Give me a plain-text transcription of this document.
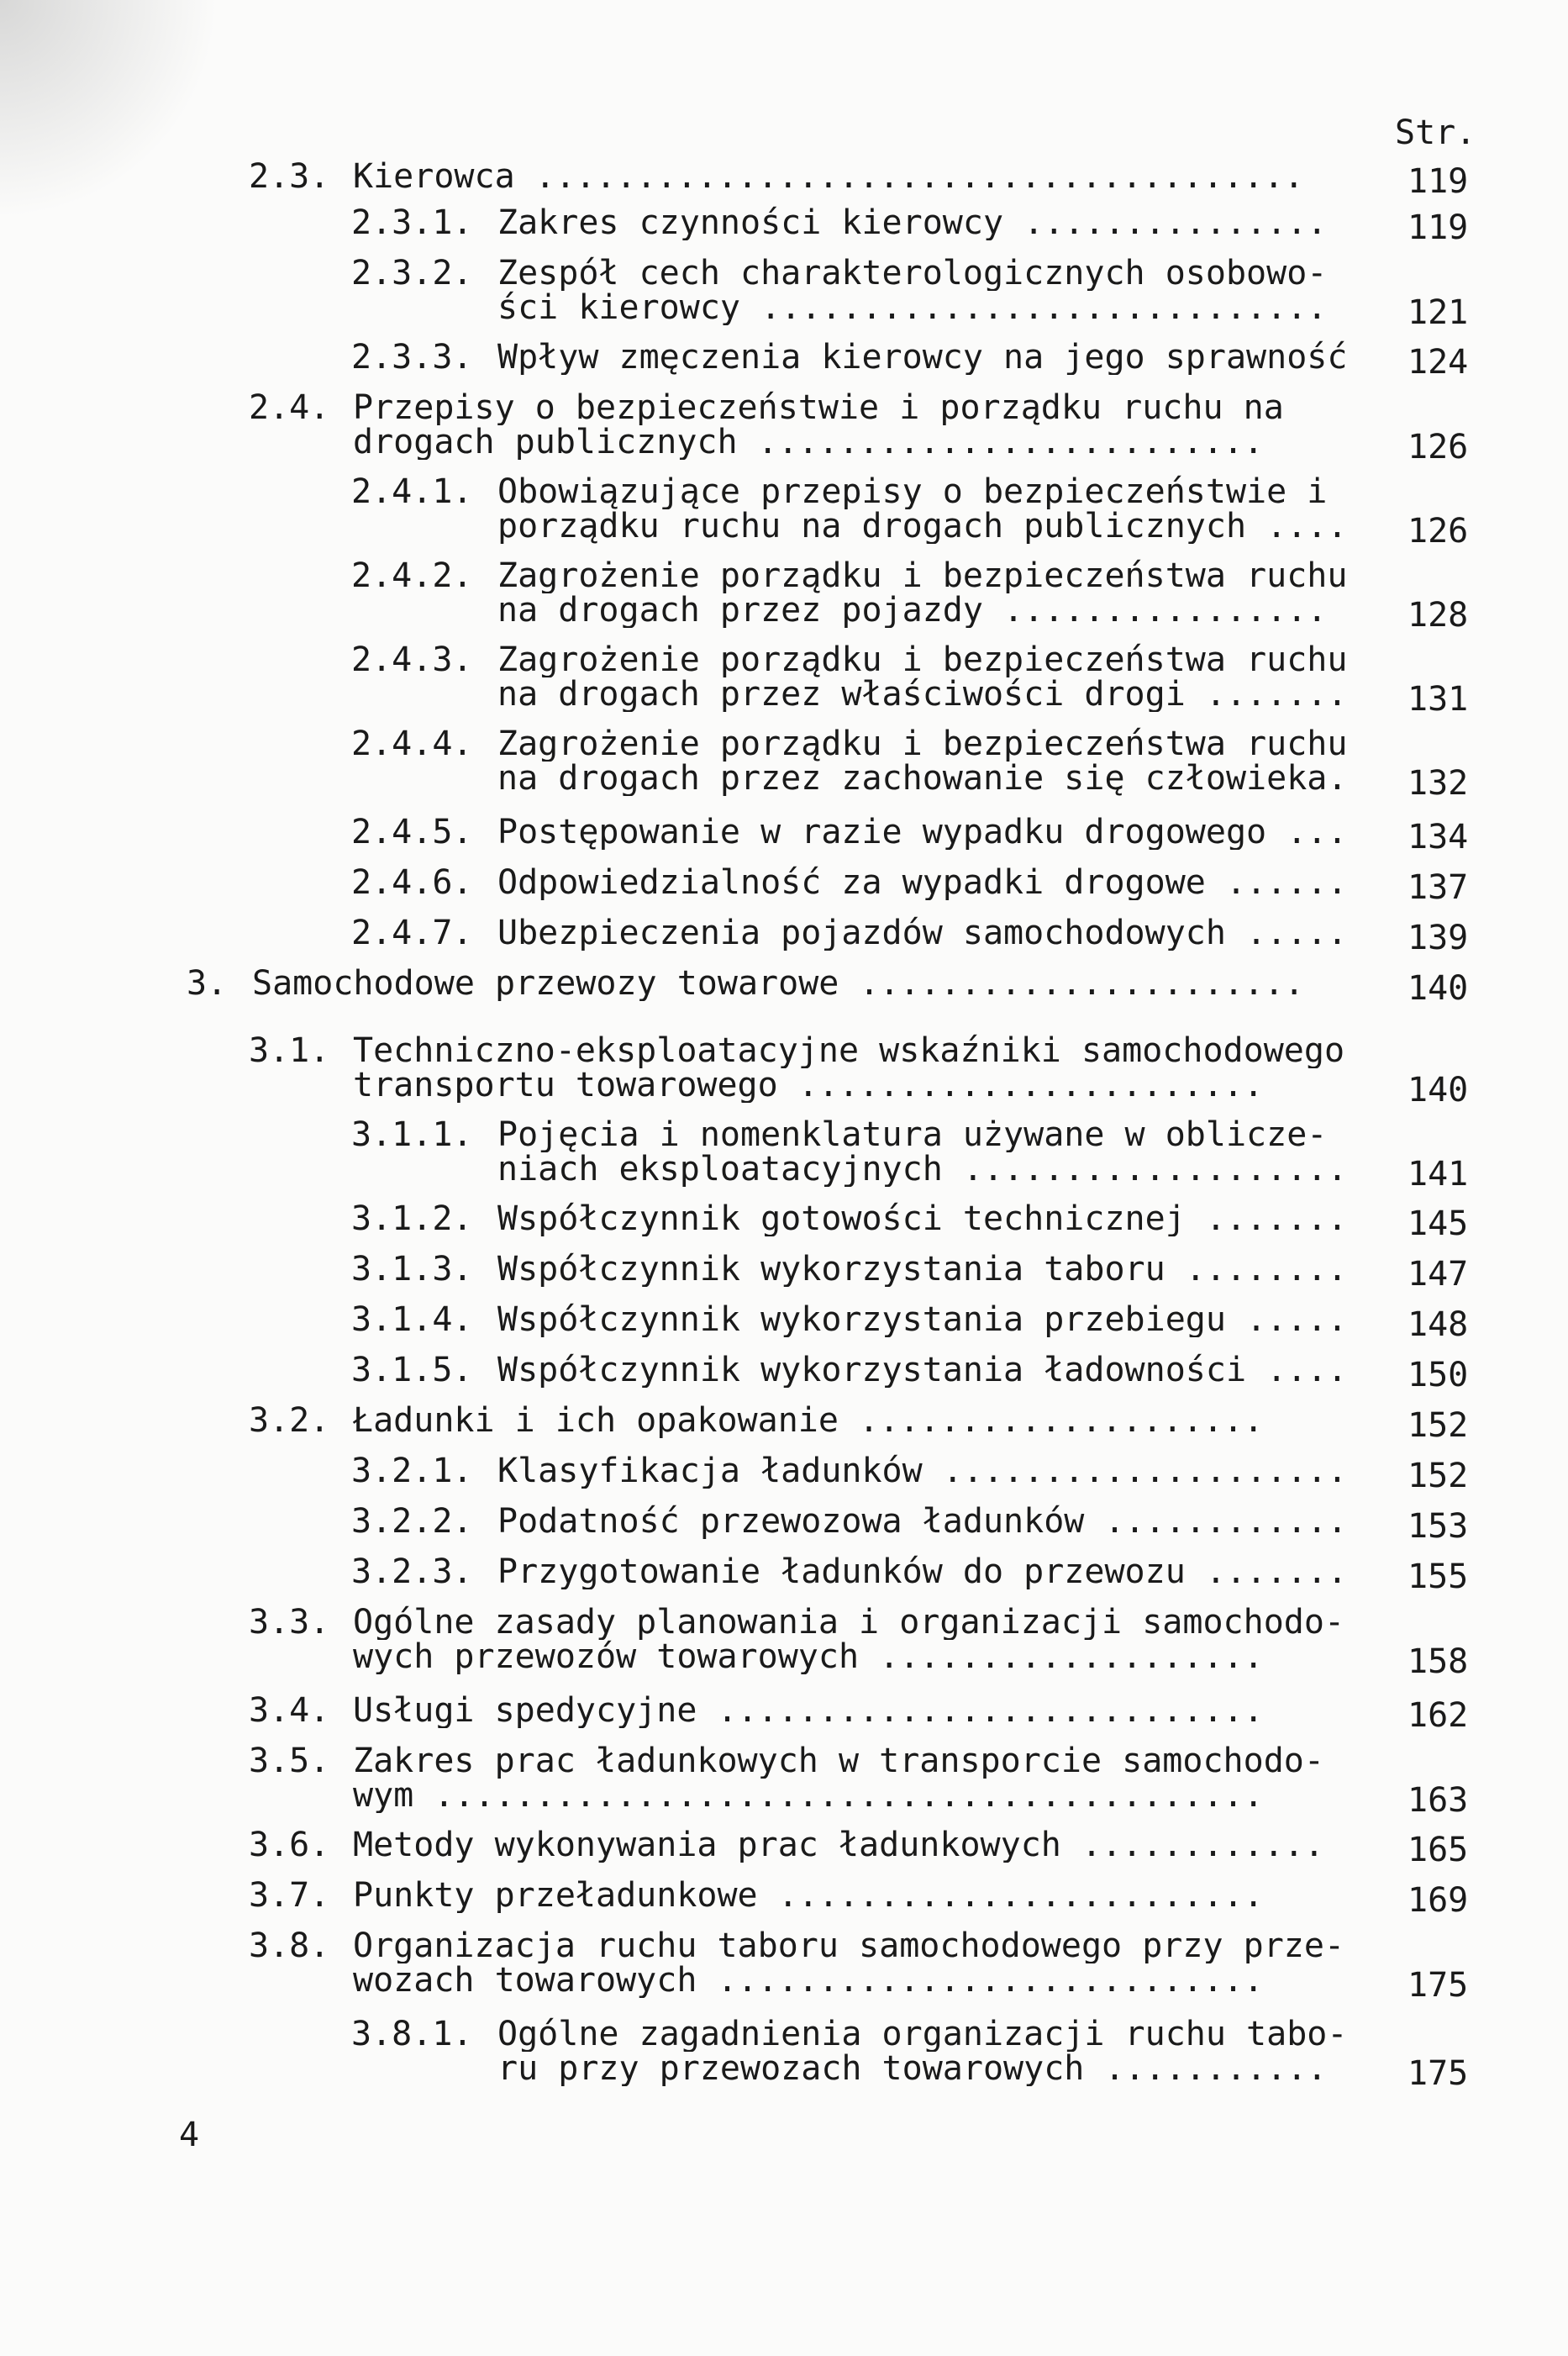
Str.
2.3. Kierowca ......................................	119
2.3.1. Zakres czynności kierowcy ...............	119
2.3.2. Zespół cech charakterologicznych osobowo-
ści kierowcy ............................	121
2.3.3. Wpływ zmęczenia kierowcy na jego sprawność	124
2.4. Przepisy o bezpieczeństwie i porządku ruchu na
drogach publicznych .........................	126
2.4.1. Obowiązujące przepisy o bezpieczeństwie i
porządku ruchu na drogach publicznych ....	126
2.4.2. Zagrożenie porządku i bezpieczeństwa ruchu
na drogach przez pojazdy ................	128
2.4.3. Zagrożenie porządku i bezpieczeństwa ruchu
na drogach przez właściwości drogi .......	131
2.4.4. Zagrożenie porządku i bezpieczeństwa ruchu
na drogach przez zachowanie się człowieka.	132
2.4.5. Postępowanie w razie wypadku drogowego ...	134
2.4.6. Odpowiedzialność za wypadki drogowe ......	137
2.4.7. Ubezpieczenia pojazdów samochodowych .....	139
3. Samochodowe przewozy towarowe ......................	140
3.1. Techniczno-eksploatacyjne wskaźniki samochodowego
transportu towarowego .......................	140
3.1.1. Pojęcia i nomenklatura używane w oblicze-
niach eksploatacyjnych ...................	141
3.1.2. Współczynnik gotowości technicznej .......	145
3.1.3. Współczynnik wykorzystania taboru ........	147
3.1.4. Współczynnik wykorzystania przebiegu .....	148
3.1.5. Współczynnik wykorzystania ładowności ....	150
3.2. Ładunki i ich opakowanie ....................	152
3.2.1. Klasyfikacja ładunków ....................	152
3.2.2. Podatność przewozowa ładunków ............	153
3.2.3. Przygotowanie ładunków do przewozu .......	155
3.3. Ogólne zasady planowania i organizacji samochodo-
wych przewozów towarowych ...................	158
3.4. Usługi spedycyjne ...........................	162
3.5. Zakres prac ładunkowych w transporcie samochodo-
wym .........................................	163
3.6. Metody wykonywania prac ładunkowych ............	165
3.7. Punkty przeładunkowe ........................	169
3.8. Organizacja ruchu taboru samochodowego przy prze-
wozach towarowych ...........................	175
3.8.1. Ogólne zagadnienia organizacji ruchu tabo-
ru przy przewozach towarowych ...........	175
4
